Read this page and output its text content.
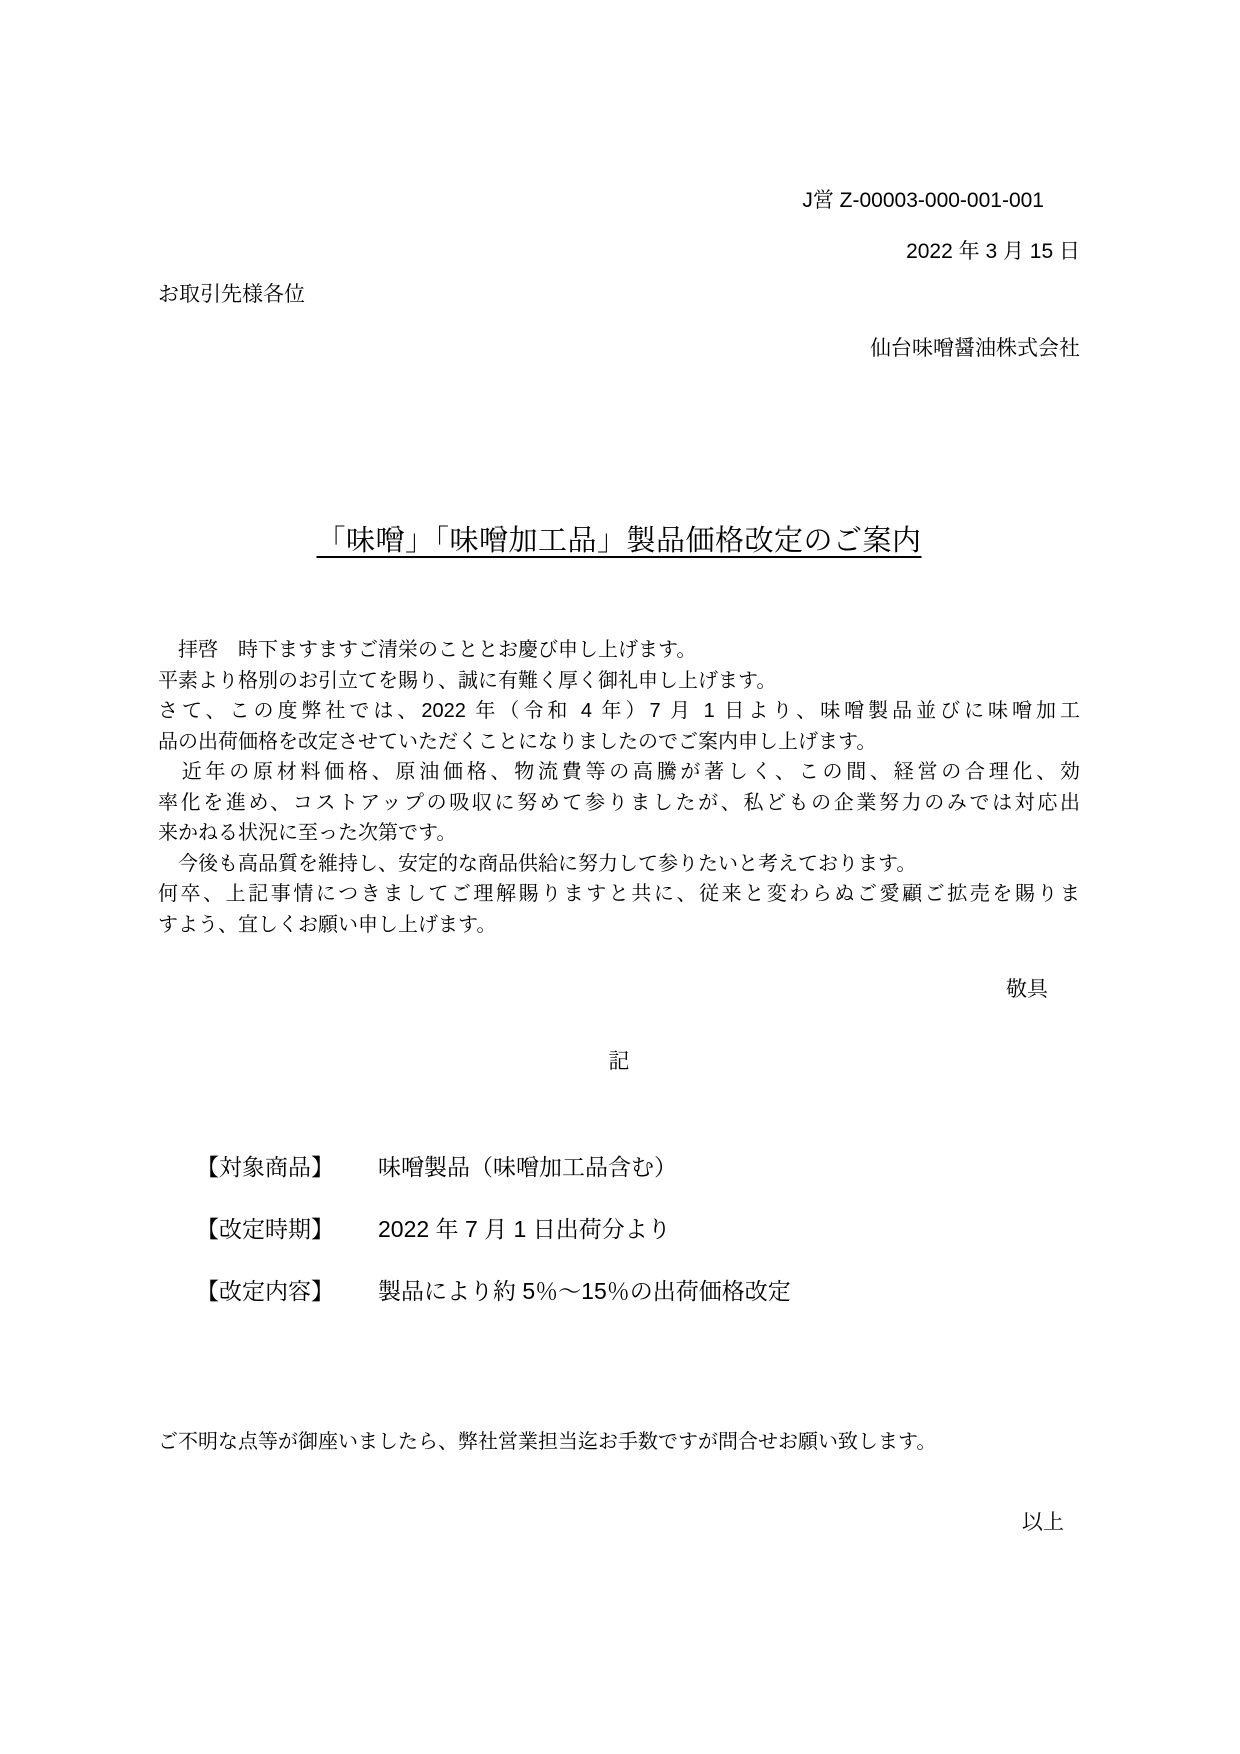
J営 Z-00003-000-001-001
2022 年 3 月 15 日
お取引先様各位
仙台味噌醤油株式会社
「味噌」「味噌加工品」製品価格改定のご案内
　拝啓　時下ますますご清栄のこととお慶び申し上げます。
平素より格別のお引立てを賜り、誠に有難く厚く御礼申し上げます。
さて、この度弊社では、2022 年（令和 4 年）7 月 1 日より、味噌製品並びに味噌加工
品の出荷価格を改定させていただくことになりましたのでご案内申し上げます。
　近年の原材料価格、原油価格、物流費等の高騰が著しく、この間、経営の合理化、効
率化を進め、コストアップの吸収に努めて参りましたが、私どもの企業努力のみでは対応出
来かねる状況に至った次第です。
　今後も高品質を維持し、安定的な商品供給に努力して参りたいと考えております。
何卒、上記事情につきましてご理解賜りますと共に、従来と変わらぬご愛顧ご拡売を賜りま
すよう、宜しくお願い申し上げます。
敬具
記
【対象商品】 味噌製品（味噌加工品含む）
【改定時期】 2022 年 7 月 1 日出荷分より
【改定内容】 製品により約 5％～15％の出荷価格改定
ご不明な点等が御座いましたら、弊社営業担当迄お手数ですが問合せお願い致します。
以上
